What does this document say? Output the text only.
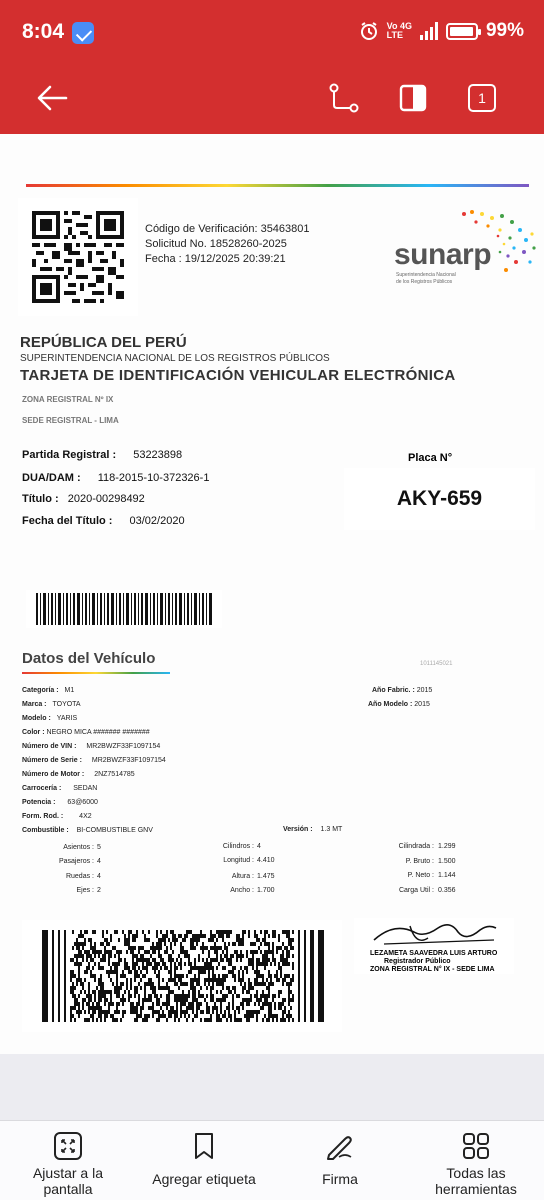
8:04	Vo 4G
LTE	99%
1
Código de Verificación: 35463801
Solicitud No. 18528260-2025
Fecha : 19/12/2025 20:39:21	sunarp
Superintendencia Nacional
de los Registros Públicos
REPÚBLICA DEL PERÚ
SUPERINTENDENCIA NACIONAL DE LOS REGISTROS PÚBLICOS
TARJETA DE IDENTIFICACIÓN VEHICULAR ELECTRÓNICA
ZONA REGISTRAL Nº IX
SEDE REGISTRAL - LIMA
Partida Registral : 53223898
DUA/DAM : 118-2015-10-372326-1
Título : 2020-00298492
Fecha del Título : 03/02/2020
Placa N°
AKY-659
Datos del Vehículo	1011145021
Categoría : M1
Marca : TOYOTA
Modelo : YARIS
Color : NEGRO MICA ####### #######
Número de VIN : MR2BWZF33F1097154
Número de Serie : MR2BWZF33F1097154
Número de Motor : 2NZ7514785
Carrocería : SEDAN
Potencia : 63@6000
Form. Rod. : 4X2
Combustible : BI-COMBUSTIBLE GNV	Versión : 1.3 MT
Año Fabric. : 2015
Año Modelo : 2015
Asientos : 5
Pasajeros : 4
Ruedas : 4
Ejes : 2
Cilindros : 4
Longitud : 4.410
Altura : 1.475
Ancho : 1.700
Cilindrada : 1.299
P. Bruto : 1.500
P. Neto : 1.144
Carga Util : 0.356
LEZAMETA SAAVEDRA LUIS ARTURO
Registrador Público
ZONA REGISTRAL N° IX - SEDE LIMA
Ajustar a la
pantalla
Agregar etiqueta	Firma	Todas las
herramientas
